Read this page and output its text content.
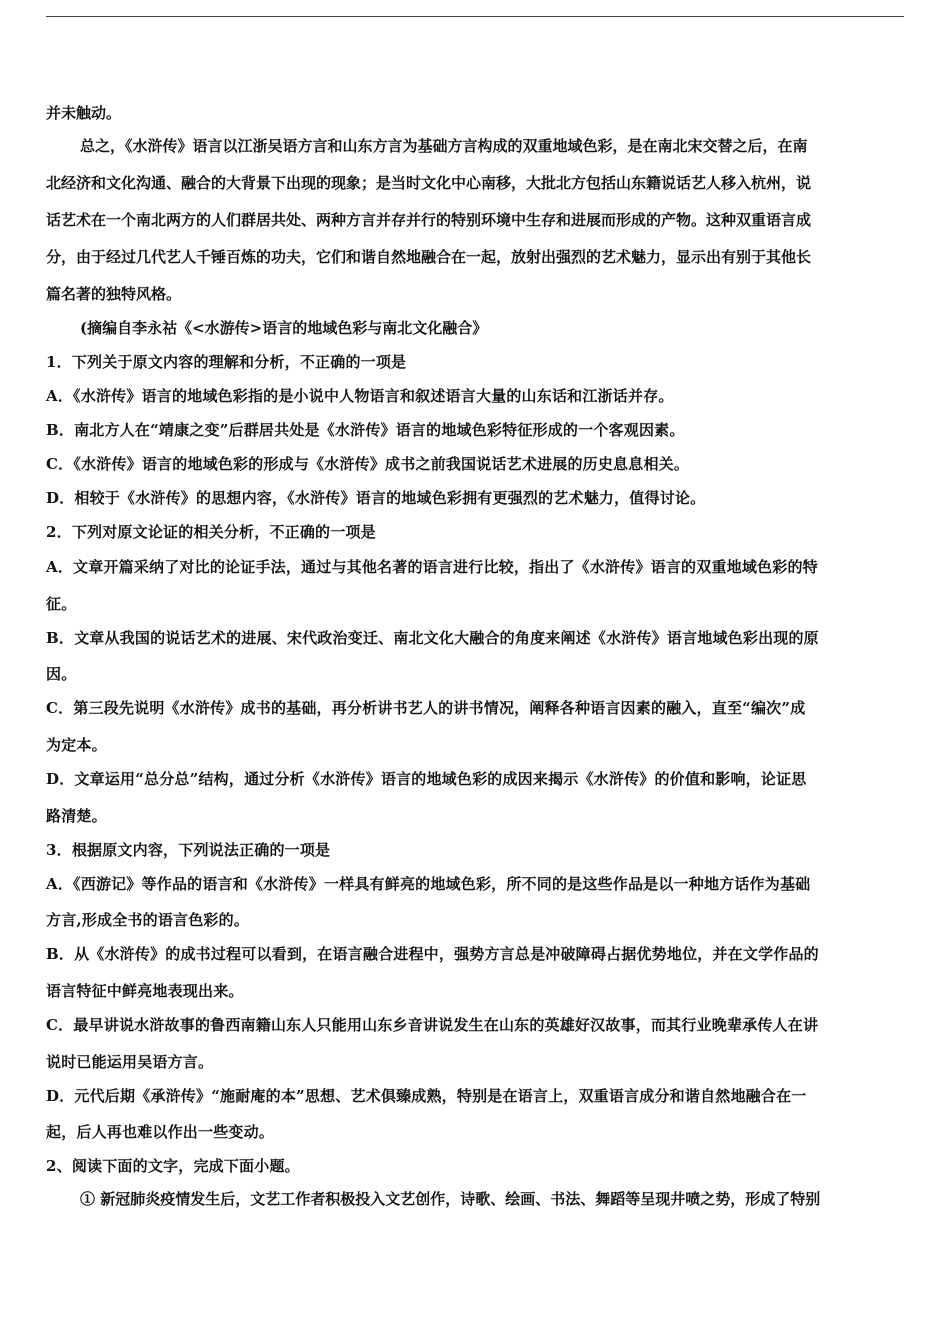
并未触动。
总之，《水浒传》语言以江浙吴语方言和山东方言为基础方言构成的双重地域色彩，是在南北宋交替之后，在南
北经济和文化沟通、融合的大背景下出现的现象；是当时文化中心南移，大批北方包括山东籍说话艺人移入杭州，说
话艺术在一个南北两方的人们群居共处、两种方言并存并行的特别环境中生存和进展而形成的产物。这种双重语言成
分，由于经过几代艺人千锤百炼的功夫，它们和谐自然地融合在一起，放射出强烈的艺术魅力，显示出有别于其他长
篇名著的独特风格。
(摘编自李永祜《<水游传>语言的地域色彩与南北文化融合》
1．下列关于原文内容的理解和分析，不正确的一项是
A．《水浒传》语言的地域色彩指的是小说中人物语言和叙述语言大量的山东话和江浙话并存。
B．南北方人在“靖康之变”后群居共处是《水浒传》语言的地域色彩特征形成的一个客观因素。
C．《水浒传》语言的地域色彩的形成与《水浒传》成书之前我国说话艺术进展的历史息息相关。
D．相较于《水浒传》的思想内容，《水浒传》语言的地域色彩拥有更强烈的艺术魅力，值得讨论。
2．下列对原文论证的相关分析，不正确的一项是
A．文章开篇采纳了对比的论证手法，通过与其他名著的语言进行比较，指出了《水浒传》语言的双重地域色彩的特
征。
B．文章从我国的说话艺术的进展、宋代政治变迁、南北文化大融合的角度来阐述《水浒传》语言地域色彩出现的原
因。
C．第三段先说明《水浒传》成书的基础，再分析讲书艺人的讲书情况，阐释各种语言因素的融入，直至“编次”成
为定本。
D．文章运用“总分总”结构，通过分析《水浒传》语言的地域色彩的成因来揭示《水浒传》的价值和影响，论证思
路清楚。
3．根据原文内容，下列说法正确的一项是
A．《西游记》等作品的语言和《水浒传》一样具有鲜亮的地域色彩，所不同的是这些作品是以一种地方话作为基础
方言,形成全书的语言色彩的。
B．从《水浒传》的成书过程可以看到，在语言融合进程中，强势方言总是冲破障碍占据优势地位，并在文学作品的
语言特征中鲜亮地表现出来。
C．最早讲说水浒故事的鲁西南籍山东人只能用山东乡音讲说发生在山东的英雄好汉故事，而其行业晚辈承传人在讲
说时已能运用吴语方言。
D．元代后期《承浒传》“施耐庵的本”思想、艺术俱臻成熟，特别是在语言上，双重语言成分和谐自然地融合在一
起，后人再也难以作出一些变动。
2、阅读下面的文字，完成下面小题。
① 新冠肺炎疫情发生后，文艺工作者积极投入文艺创作，诗歌、绘画、书法、舞蹈等呈现井喷之势，形成了特别
